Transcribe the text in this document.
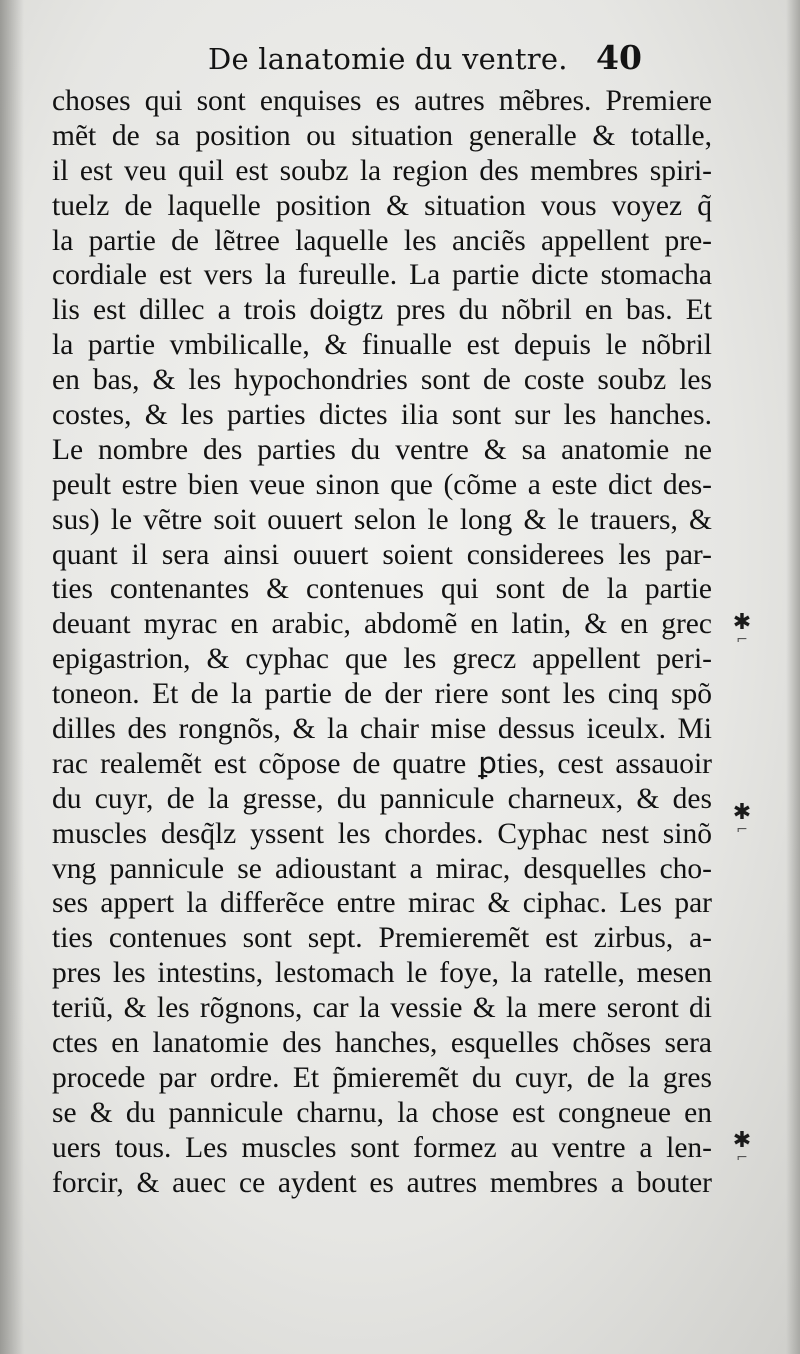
De lanatomie du ventre. 40
choses qui sont enquises es autres mẽbres. Premiere
mẽt de sa position ou situation generalle & totalle,
il est veu quil est soubz la region des membres spiri-
tuelz de laquelle position & situation vous voyez q̃
la partie de lẽtree laquelle les anciẽs appellent pre-
cordiale est vers la fureulle. La partie dicte stomacha
lis est dillec a trois doigtz pres du nõbril en bas. Et
la partie vmbilicalle, & finualle est depuis le nõbril
en bas, & les hypochondries sont de coste soubz les
costes, & les parties dictes ilia sont sur les hanches.
Le nombre des parties du ventre & sa anatomie ne
peult estre bien veue sinon que (cõme a este dict des-
sus) le vẽtre soit ouuert selon le long & le trauers, &
quant il sera ainsi ouuert soient considerees les par-
ties contenantes & contenues qui sont de la partie
deuant myrac en arabic, abdomẽ en latin, & en grec
epigastrion, & cyphac que les grecz appellent peri-
toneon. Et de la partie de der riere sont les cinq spõ
dilles des rongnõs, & la chair mise dessus iceulx. Mi
rac realemẽt est cõpose de quatre ꝑties, cest assauoir
du cuyr, de la gresse, du pannicule charneux, & des
muscles desq̃lz yssent les chordes. Cyphac nest sinõ
vng pannicule se adioustant a mirac, desquelles cho-
ses appert la differẽce entre mirac & ciphac. Les par
ties contenues sont sept. Premieremẽt est zirbus, a-
pres les intestins, lestomach le foye, la ratelle, mesen
teriũ, & les rõgnons, car la vessie & la mere seront di
ctes en lanatomie des hanches, esquelles chõses sera
procede par ordre. Et p̃mieremẽt du cuyr, de la gres
se & du pannicule charnu, la chose est congneue en
uers tous. Les muscles sont formez au ventre a len-
forcir, & auec ce aydent es autres membres a bouter
✱
⌐
✱
⌐
✱
⌐
